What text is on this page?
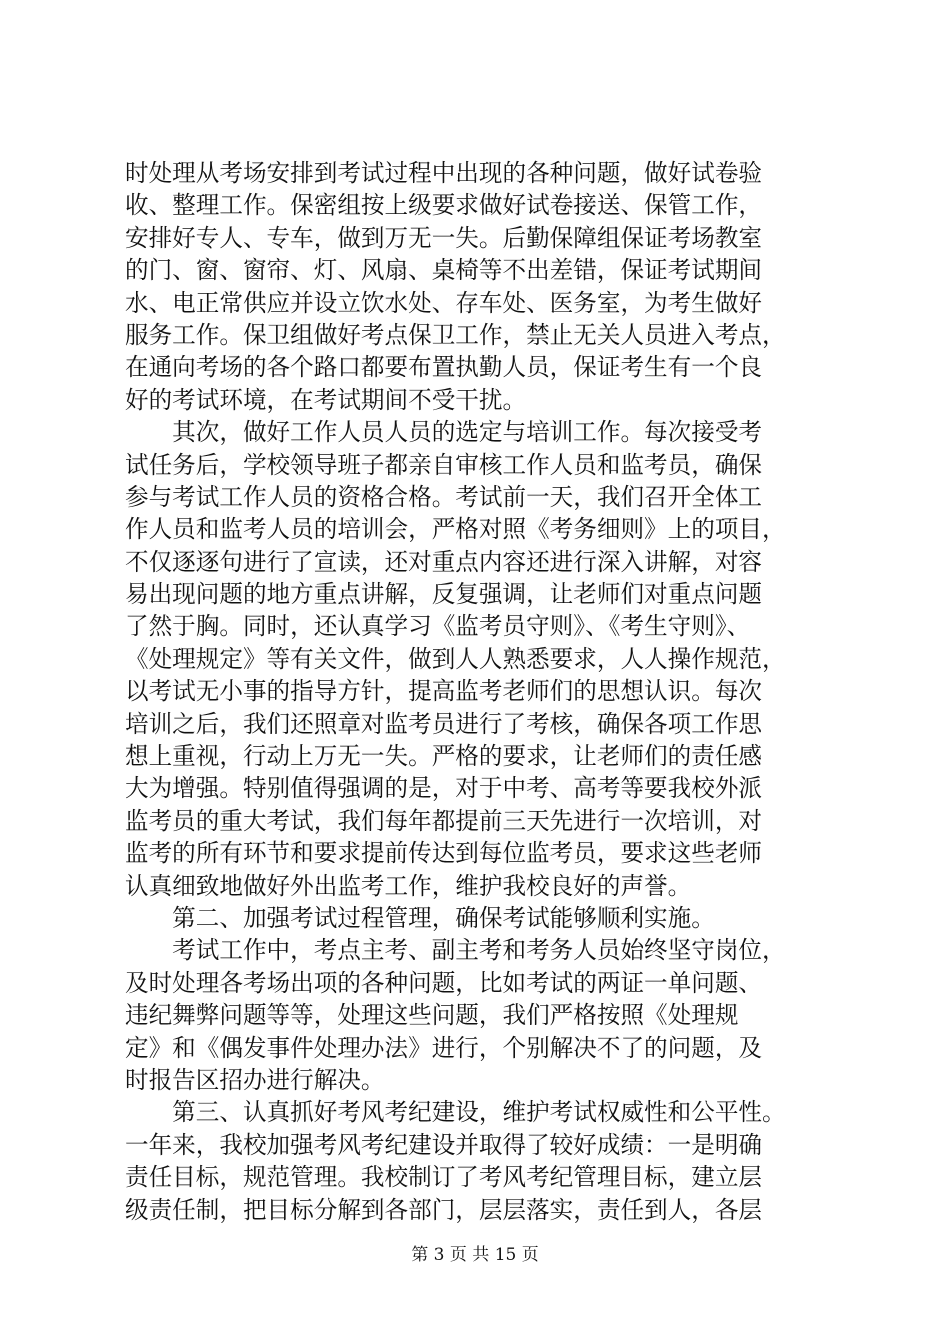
时处理从考场安排到考试过程中出现的各种问题，做好试卷验
收、整理工作。保密组按上级要求做好试卷接送、保管工作，
安排好专人、专车，做到万无一失。后勤保障组保证考场教室
的门、窗、窗帘、灯、风扇、桌椅等不出差错，保证考试期间
水、电正常供应并设立饮水处、存车处、医务室，为考生做好
服务工作。保卫组做好考点保卫工作，禁止无关人员进入考点，
在通向考场的各个路口都要布置执勤人员，保证考生有一个良
好的考试环境，在考试期间不受干扰。
　　其次，做好工作人员人员的选定与培训工作。每次接受考
试任务后，学校领导班子都亲自审核工作人员和监考员，确保
参与考试工作人员的资格合格。考试前一天，我们召开全体工
作人员和监考人员的培训会，严格对照《考务细则》上的项目，
不仅逐逐句进行了宣读，还对重点内容还进行深入讲解，对容
易出现问题的地方重点讲解，反复强调，让老师们对重点问题
了然于胸。同时，还认真学习《监考员守则》、《考生守则》、
《处理规定》等有关文件，做到人人熟悉要求，人人操作规范，
以考试无小事的指导方针，提高监考老师们的思想认识。每次
培训之后，我们还照章对监考员进行了考核，确保各项工作思
想上重视，行动上万无一失。严格的要求，让老师们的责任感
大为增强。特别值得强调的是，对于中考、高考等要我校外派
监考员的重大考试，我们每年都提前三天先进行一次培训，对
监考的所有环节和要求提前传达到每位监考员，要求这些老师
认真细致地做好外出监考工作，维护我校良好的声誉。
　　第二、加强考试过程管理，确保考试能够顺利实施。
　　考试工作中，考点主考、副主考和考务人员始终坚守岗位，
及时处理各考场出项的各种问题，比如考试的两证一单问题、
违纪舞弊问题等等，处理这些问题，我们严格按照《处理规
定》和《偶发事件处理办法》进行，个别解决不了的问题，及
时报告区招办进行解决。
　　第三、认真抓好考风考纪建设，维护考试权威性和公平性。
一年来，我校加强考风考纪建设并取得了较好成绩：一是明确
责任目标，规范管理。我校制订了考风考纪管理目标，建立层
级责任制，把目标分解到各部门，层层落实，责任到人，各层
第 3 页 共 15 页
